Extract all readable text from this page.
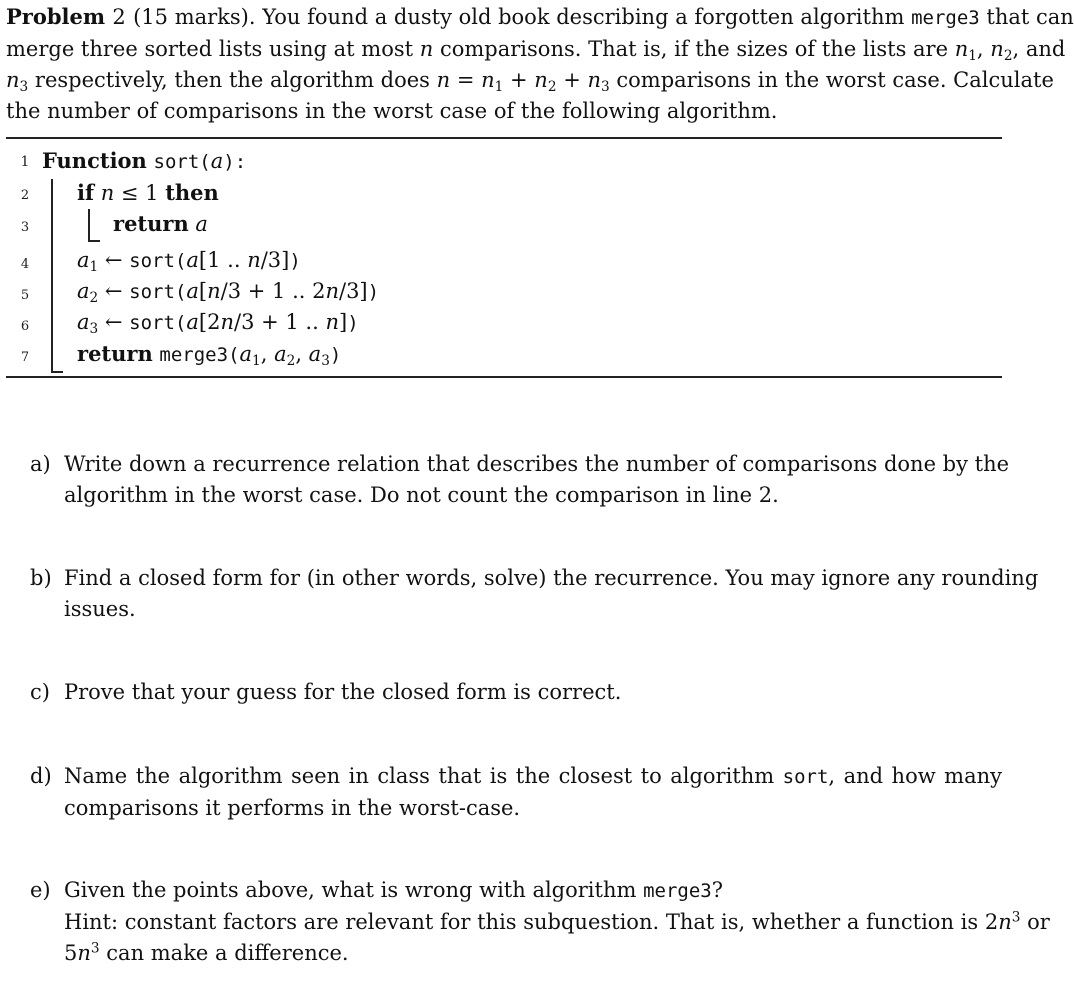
Problem 2 (15 marks). You found a dusty old book describing a forgotten algorithm merge3 that can
merge three sorted lists using at most n comparisons. That is, if the sizes of the lists are $n_1$, $n_2$, and
$n_3$ respectively, then the algorithm does $n = n_1 + n_2 + n_3$ comparisons in the worst case. Calculate
the number of comparisons in the worst case of the following algorithm.
1
2
3
4
5
6
7
Function sort(a):
if n ≤ 1 then
return a
$a_1$ ← sort(a[1 .. n/3])
$a_2$ ← sort(a[n/3 + 1 .. 2n/3])
$a_3$ ← sort(a[2n/3 + 1 .. n])
return $merge3(a_1$, $a_2$, $a_3$)
a) Write down a recurrence relation that describes the number of comparisons done by the
algorithm in the worst case. Do not count the comparison in line 2.
b) Find a closed form for (in other words, solve) the recurrence. You may ignore any rounding
issues.
c) Prove that your guess for the closed form is correct.
d) Name the algorithm seen in class that is the closest to algorithm sort, and how many
comparisons it performs in the worst-case.
e) Given the points above, what is wrong with algorithm merge3?
Hint: constant factors are relevant for this subquestion. That is, whether a function is $2n^3$ or
$5n^3$ can make a difference.
